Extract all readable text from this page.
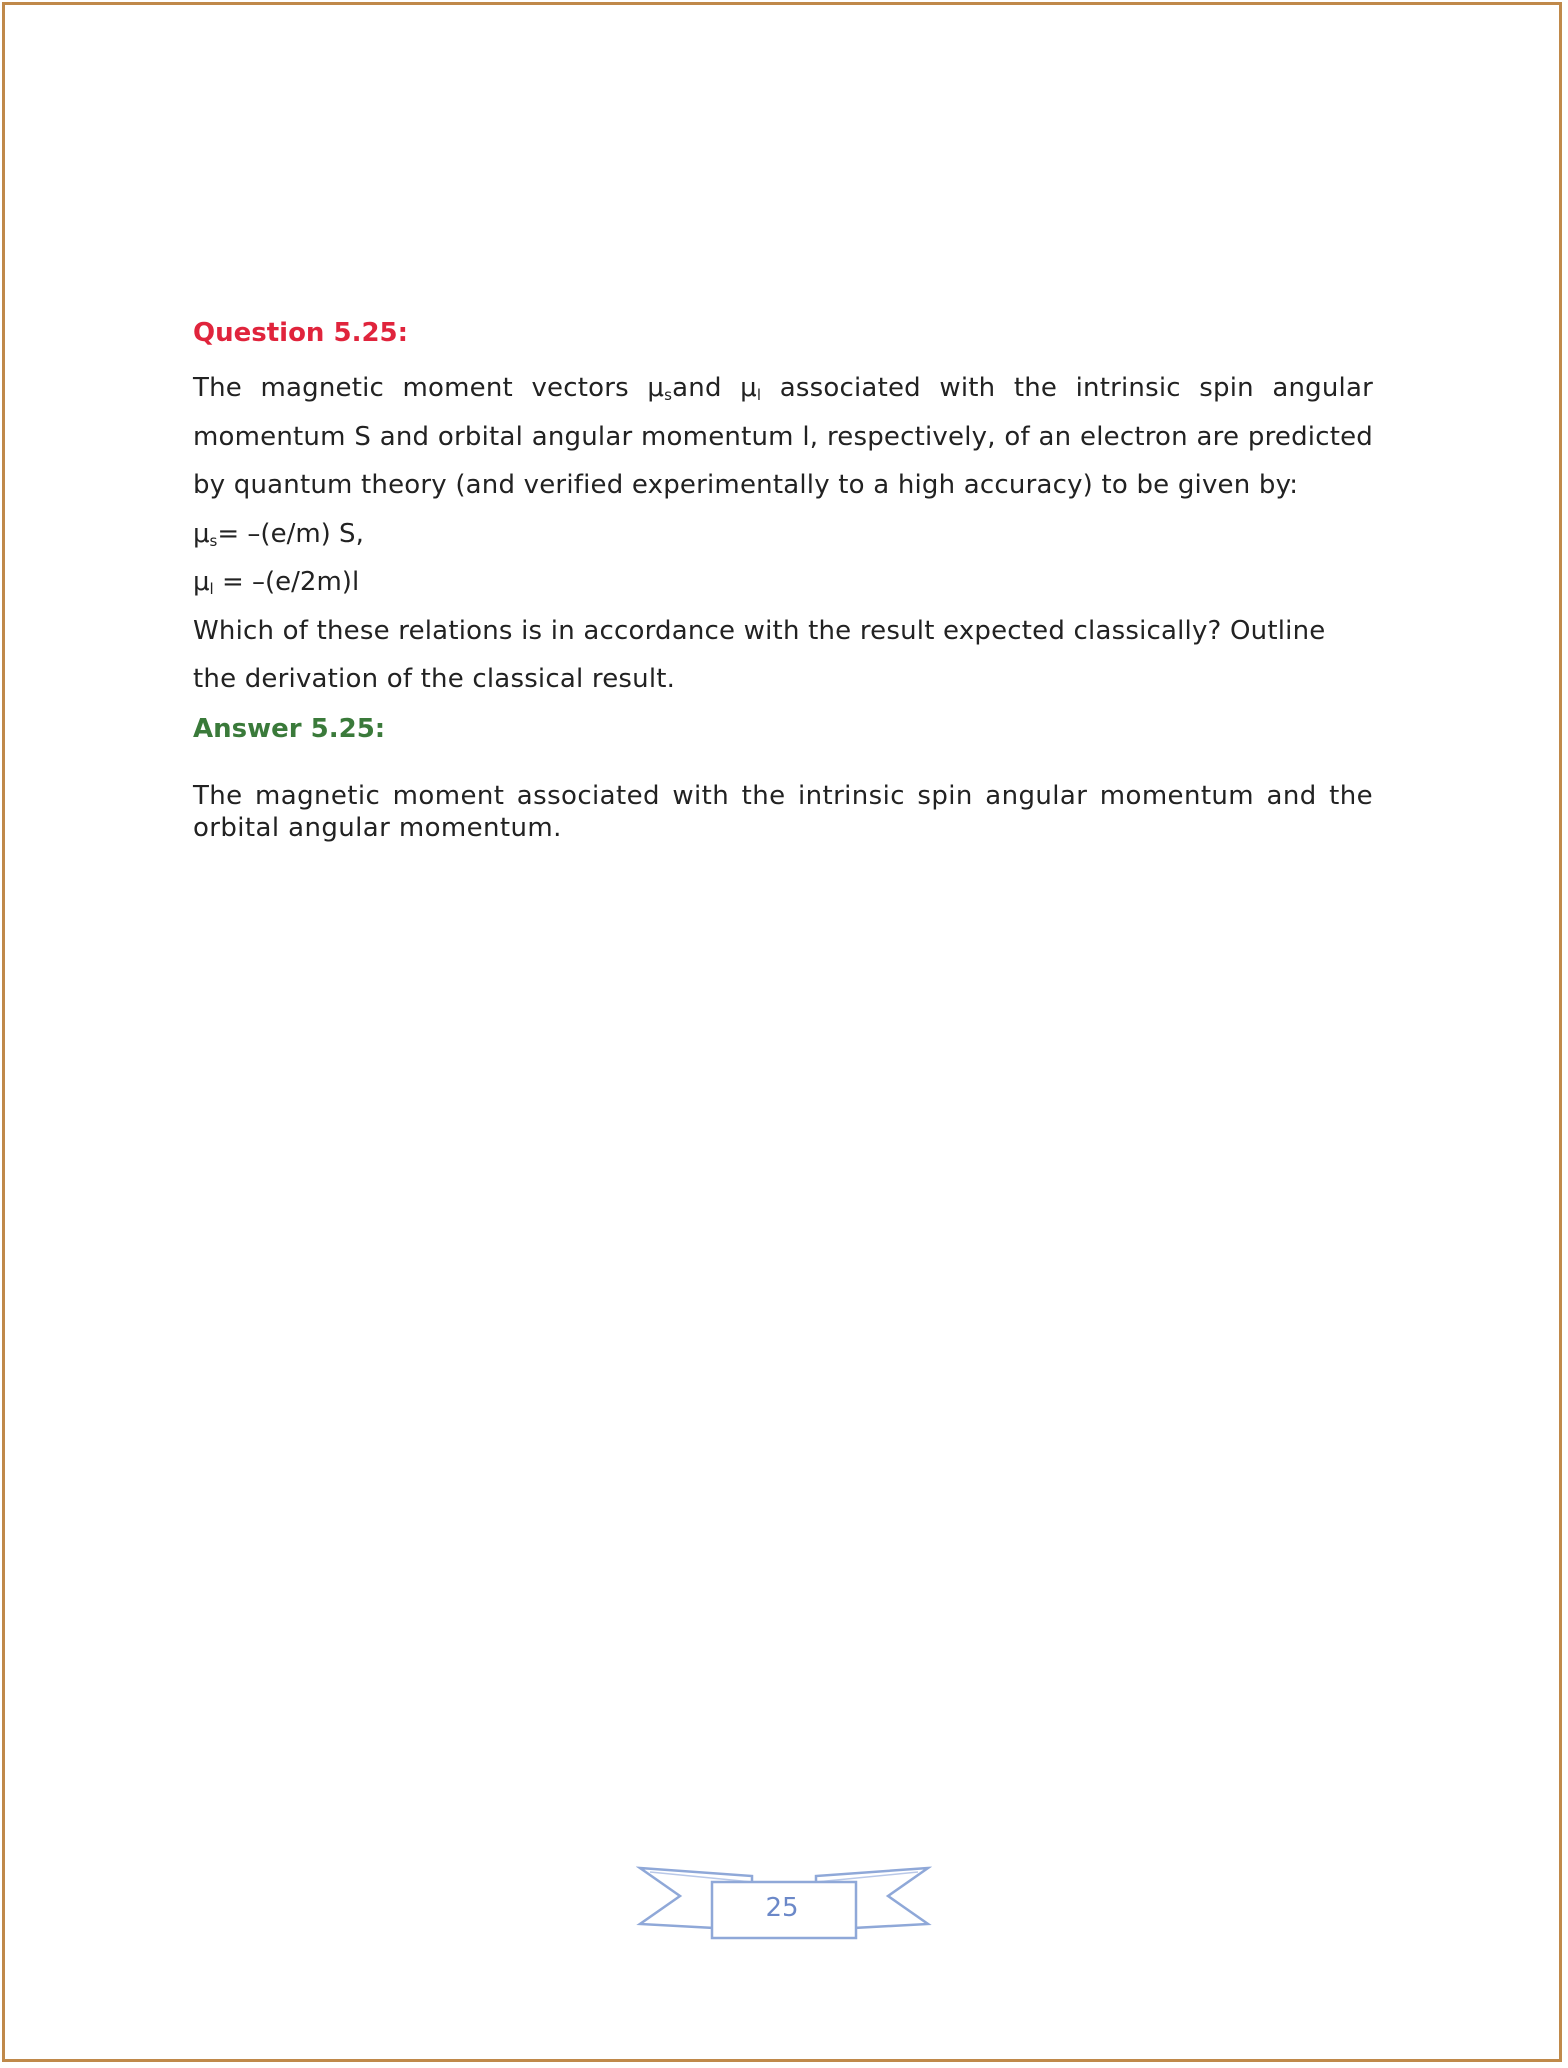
Question 5.25:

The magnetic moment vectors $\mu_sand$ $\mu_l$ associated with the intrinsic spin angular

momentum S and orbital angular momentum l, respectively, of an electron are predicted

by quantum theory (and verified experimentally to a high accuracy) to be given by:

$\mu_s= -(e/m)$ S,

$\mu_l = -(e/2m)l$

Which of these relations is in accordance with the result expected classically? Outline

the derivation of the classical result.

Answer 5.25:

The magnetic moment associated with the intrinsic spin angular momentum and the orbital angular momentum.

25
